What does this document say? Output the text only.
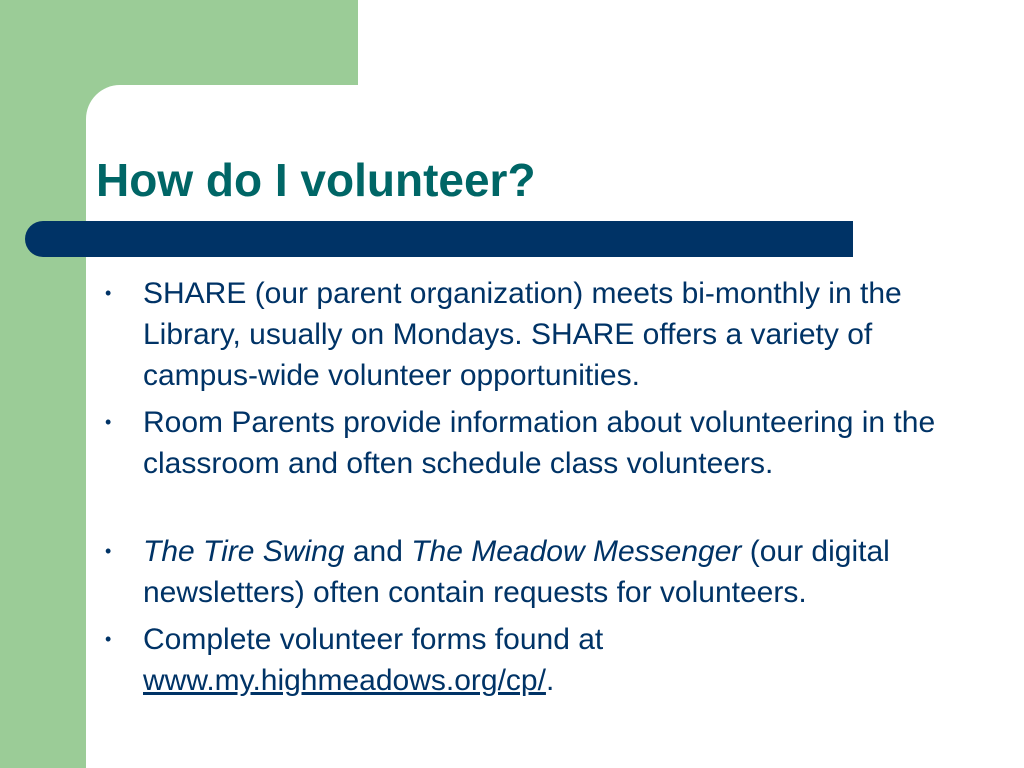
How do I volunteer?
•
SHARE (our parent organization) meets bi-monthly in the Library, usually on Mondays. SHARE offers a variety of campus-wide volunteer opportunities.
•
Room Parents provide information about volunteering in the classroom and often schedule class volunteers.
•
The Tire Swing and The Meadow Messenger (our digital newsletters) often contain requests for volunteers.
•
Complete volunteer forms found at www.my.highmeadows.org/cp/.
